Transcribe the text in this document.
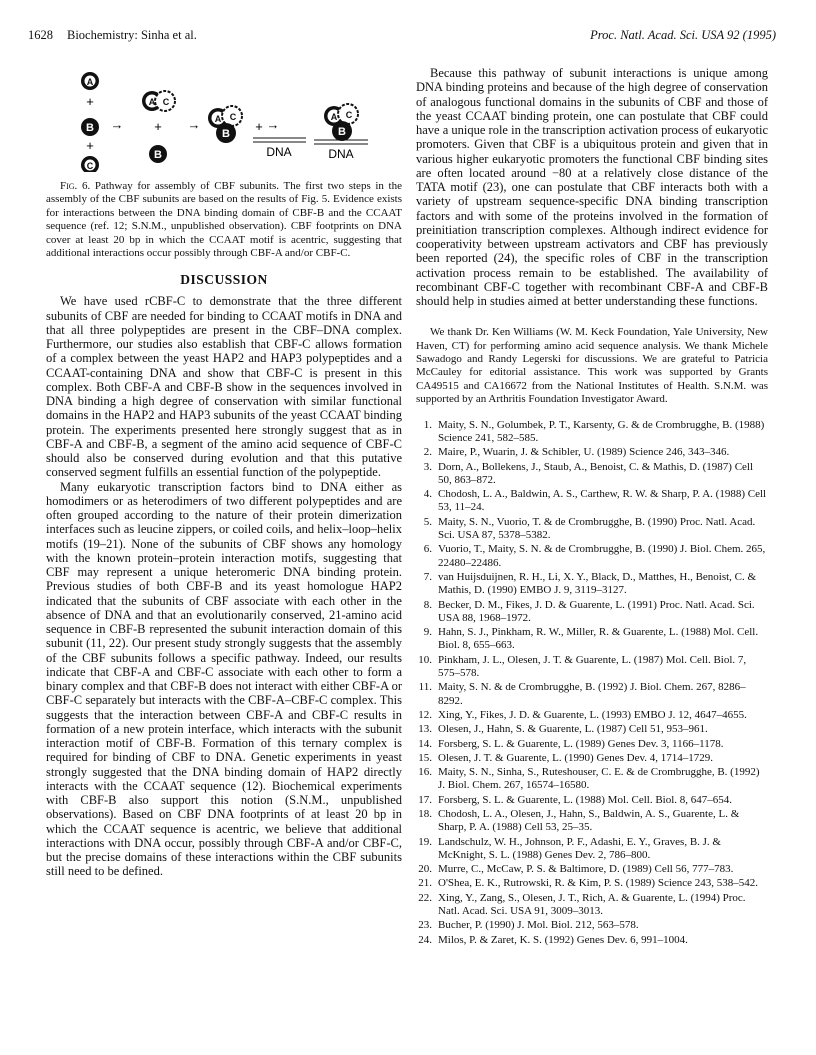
1628 Biochemistry: Sinha et al.	Proc. Natl. Acad. Sci. USA 92 (1995)
A
+
B
+
C
→
A C
+
B
→ A C
B + →
DNA
A C
B
DNA

Fig. 6. Pathway for assembly of CBF subunits. The first two steps in the assembly of the CBF subunits are based on the results of Fig. 5. Evidence exists for interactions between the DNA binding domain of CBF-B and the CCAAT sequence (ref. 12; S.N.M., unpublished observation). CBF footprints on DNA cover at least 20 bp in which the CCAAT motif is acentric, suggesting that additional interactions occur possibly through CBF-A and/or CBF-C.

DISCUSSION

We have used rCBF-C to demonstrate that the three different subunits of CBF are needed for binding to CCAAT motifs in DNA and that all three polypeptides are present in the CBF–DNA complex. Furthermore, our studies also establish that CBF-C allows formation of a complex between the yeast HAP2 and HAP3 polypeptides and a CCAAT-containing DNA and show that CBF-C is present in this complex. Both CBF-A and CBF-B show in the sequences involved in DNA binding a high degree of conservation with similar functional domains in the HAP2 and HAP3 subunits of the yeast CCAAT binding protein. The experiments presented here strongly suggest that as in CBF-A and CBF-B, a segment of the amino acid sequence of CBF-C should also be conserved during evolution and that this putative conserved segment fulfills an essential function of the polypeptide.

Many eukaryotic transcription factors bind to DNA either as homodimers or as heterodimers of two different polypeptides and are often grouped according to the nature of their protein dimerization interfaces such as leucine zippers, or coiled coils, and helix–loop–helix motifs (19–21). None of the subunits of CBF shows any homology with the known protein–protein interaction motifs, suggesting that CBF may represent a unique heteromeric DNA binding protein. Previous studies of both CBF-B and its yeast homologue HAP2 indicated that the subunits of CBF associate with each other in the absence of DNA and that an evolutionarily conserved, 21-amino acid sequence in CBF-B represented the subunit interaction domain of this subunit (11, 22). Our present study strongly suggests that the assembly of the CBF subunits follows a specific pathway. Indeed, our results indicate that CBF-A and CBF-C associate with each other to form a binary complex and that CBF-B does not interact with either CBF-A or CBF-C separately but interacts with the CBF-A–CBF-C complex. This suggests that the interaction between CBF-A and CBF-C results in formation of a new protein interface, which interacts with the subunit interaction motif of CBF-B. Formation of this ternary complex is required for binding of CBF to DNA. Genetic experiments in yeast strongly suggested that the DNA binding domain of HAP2 directly interacts with the CCAAT sequence (12). Biochemical experiments with CBF-B also support this notion (S.N.M., unpublished observations). Based on CBF DNA footprints of at least 20 bp in which the CCAAT sequence is acentric, we believe that additional interactions with DNA occur, possibly through CBF-A and/or CBF-C, but the precise domains of these interactions within the CBF subunits still need to be defined.

Because this pathway of subunit interactions is unique among DNA binding proteins and because of the high degree of conservation of analogous functional domains in the subunits of CBF and those of the yeast CCAAT binding protein, one can postulate that CBF could have a unique role in the transcription activation process of eukaryotic promoters. Given that CBF is a ubiquitous protein and given that in various higher eukaryotic promoters the functional CBF binding sites are often located around −80 at a relatively close distance of the TATA motif (23), one can postulate that CBF interacts both with a variety of upstream sequence-specific DNA binding transcription factors and with some of the proteins involved in the formation of preinitiation transcription complexes. Although indirect evidence for cooperativity between upstream activators and CBF has previously been reported (24), the specific roles of CBF in the transcription activation process remain to be established. The availability of recombinant CBF-C together with recombinant CBF-A and CBF-B should help in studies aimed at better understanding these functions.

We thank Dr. Ken Williams (W. M. Keck Foundation, Yale University, New Haven, CT) for performing amino acid sequence analysis. We thank Michele Sawadogo and Randy Legerski for discussions. We are grateful to Patricia McCauley for editorial assistance. This work was supported by Grants CA49515 and CA16672 from the National Institutes of Health. S.N.M. was supported by an Arthritis Foundation Investigator Award.

1. Maity, S. N., Golumbek, P. T., Karsenty, G. & de Crombrugghe, B. (1988) Science 241, 582–585.
2. Maire, P., Wuarin, J. & Schibler, U. (1989) Science 246, 343–346.
3. Dorn, A., Bollekens, J., Staub, A., Benoist, C. & Mathis, D. (1987) Cell 50, 863–872.
4. Chodosh, L. A., Baldwin, A. S., Carthew, R. W. & Sharp, P. A. (1988) Cell 53, 11–24.
5. Maity, S. N., Vuorio, T. & de Crombrugghe, B. (1990) Proc. Natl. Acad. Sci. USA 87, 5378–5382.
6. Vuorio, T., Maity, S. N. & de Crombrugghe, B. (1990) J. Biol. Chem. 265, 22480–22486.
7. van Huijsduijnen, R. H., Li, X. Y., Black, D., Matthes, H., Benoist, C. & Mathis, D. (1990) EMBO J. 9, 3119–3127.
8. Becker, D. M., Fikes, J. D. & Guarente, L. (1991) Proc. Natl. Acad. Sci. USA 88, 1968–1972.
9. Hahn, S. J., Pinkham, R. W., Miller, R. & Guarente, L. (1988) Mol. Cell. Biol. 8, 655–663.
10. Pinkham, J. L., Olesen, J. T. & Guarente, L. (1987) Mol. Cell. Biol. 7, 575–578.
11. Maity, S. N. & de Crombrugghe, B. (1992) J. Biol. Chem. 267, 8286–8292.
12. Xing, Y., Fikes, J. D. & Guarente, L. (1993) EMBO J. 12, 4647–4655.
13. Olesen, J., Hahn, S. & Guarente, L. (1987) Cell 51, 953–961.
14. Forsberg, S. L. & Guarente, L. (1989) Genes Dev. 3, 1166–1178.
15. Olesen, J. T. & Guarente, L. (1990) Genes Dev. 4, 1714–1729.
16. Maity, S. N., Sinha, S., Ruteshouser, C. E. & de Crombrugghe, B. (1992) J. Biol. Chem. 267, 16574–16580.
17. Forsberg, S. L. & Guarente, L. (1988) Mol. Cell. Biol. 8, 647–654.
18. Chodosh, L. A., Olesen, J., Hahn, S., Baldwin, A. S., Guarente, L. & Sharp, P. A. (1988) Cell 53, 25–35.
19. Landschulz, W. H., Johnson, P. F., Adashi, E. Y., Graves, B. J. & McKnight, S. L. (1988) Genes Dev. 2, 786–800.
20. Murre, C., McCaw, P. S. & Baltimore, D. (1989) Cell 56, 777–783.
21. O'Shea, E. K., Rutrowski, R. & Kim, P. S. (1989) Science 243, 538–542.
22. Xing, Y., Zang, S., Olesen, J. T., Rich, A. & Guarente, L. (1994) Proc. Natl. Acad. Sci. USA 91, 3009–3013.
23. Bucher, P. (1990) J. Mol. Biol. 212, 563–578.
24. Milos, P. & Zaret, K. S. (1992) Genes Dev. 6, 991–1004.
